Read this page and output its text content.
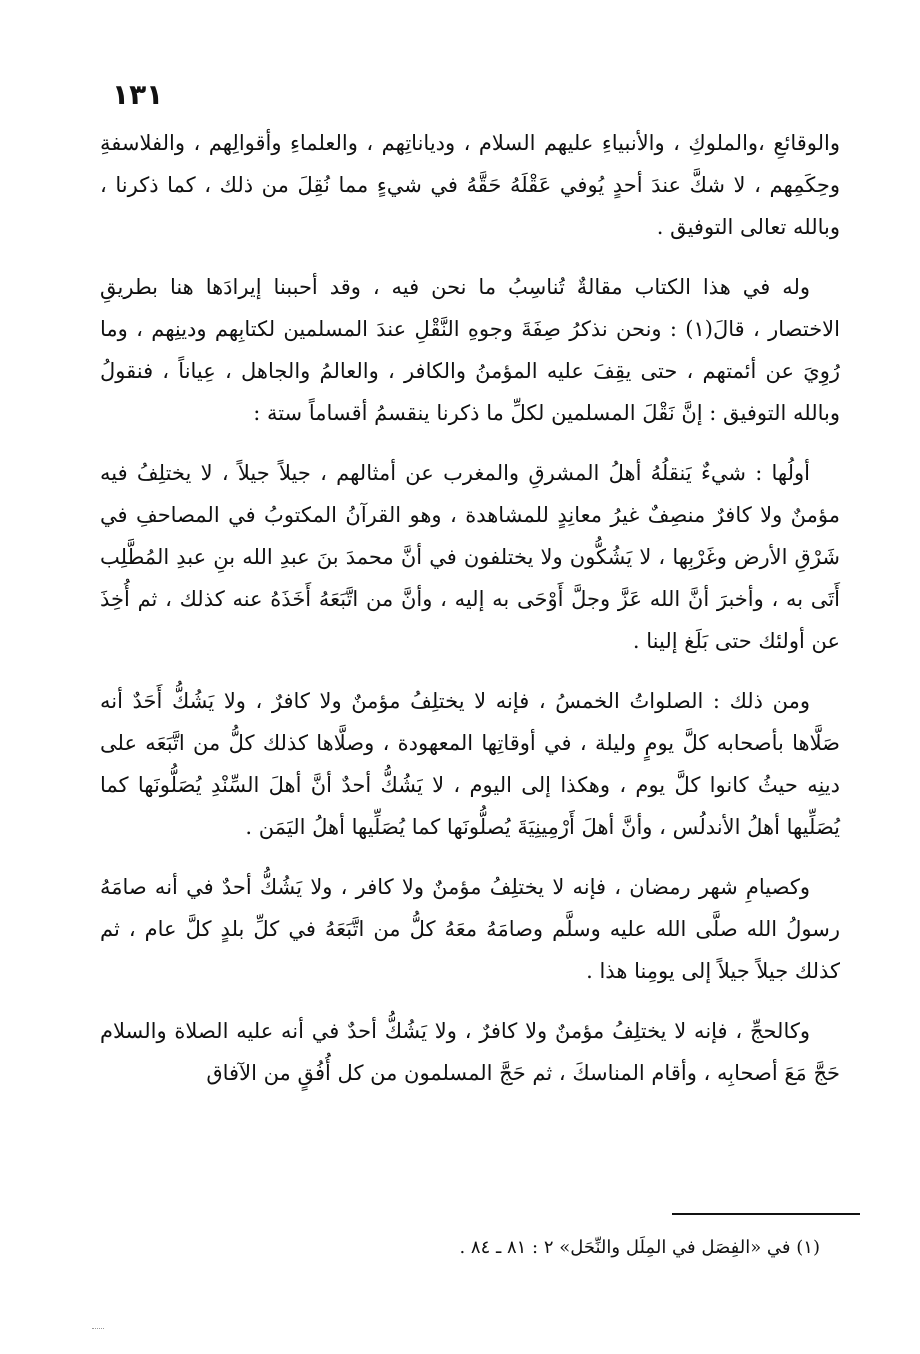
١٣١

والوقائعِ ،والملوكِ ، والأنبياءِ عليهم السلام ، ودياناتِهم ، والعلماءِ وأقوالِهم ، والفلاسفةِ وحِكَمِهم ، لا شكَّ عندَ أحدٍ يُوفي عَقْلَهُ حَقَّهُ في شيءٍ مما نُقِلَ من ذلك ، كما ذكرنا ، وبالله تعالى التوفيق .

وله في هذا الكتاب مقالةٌ تُناسِبُ ما نحن فيه ، وقد أحببنا إيرادَها هنا بطريقِ الاختصار ، قالَ(١) : ونحن نذكرُ صِفَةَ وجوهِ النَّقْلِ عندَ المسلمين لكتابِهم ودينِهم ، وما رُوِيَ عن أئمتهم ، حتى يقِفَ عليه المؤمنُ والكافر ، والعالمُ والجاهل ، عِياناً ، فنقولُ وبالله التوفيق : إنَّ نَقْلَ المسلمين لكلِّ ما ذكرنا ينقسمُ أقساماً ستة :

أولُها : شيءٌ يَنقلُهُ أهلُ المشرقِ والمغرب عن أمثالهم ، جيلاً جيلاً ، لا يختلِفُ فيه مؤمنٌ ولا كافرٌ منصِفٌ غيرُ معانِدٍ للمشاهدة ، وهو القرآنُ المكتوبُ في المصاحفِ في شَرْقِ الأرض وغَرْبِها ، لا يَشُكُّون ولا يختلفون في أنَّ محمدَ بنَ عبدِ الله بنِ عبدِ المُطَّلِب أَتَى به ، وأخبرَ أنَّ الله عَزَّ وجلَّ أَوْحَى به إليه ، وأنَّ من اتَّبَعَهُ أَخَذَهُ عنه كذلك ، ثم أُخِذَ عن أولئك حتى بَلَغ إلينا .

ومن ذلك : الصلواتُ الخمسُ ، فإنه لا يختلِفُ مؤمنٌ ولا كافرٌ ، ولا يَشُكُّ أَحَدٌ أنه صَلَّاها بأصحابه كلَّ يومٍ وليلة ، في أوقاتِها المعهودة ، وصلَّاها كذلك كلُّ من اتَّبَعَه على دينِه حيثُ كانوا كلَّ يوم ، وهكذا إلى اليوم ، لا يَشُكُّ أحدٌ أنَّ أهلَ السِّنْدِ يُصَلُّونَها كما يُصَلِّيها أهلُ الأندلُس ، وأنَّ أهلَ أَرْمِينِيَةَ يُصلُّونَها كما يُصَلِّيها أهلُ اليَمَن .

وكصيامِ شهر رمضان ، فإنه لا يختلِفُ مؤمنٌ ولا كافر ، ولا يَشُكُّ أحدٌ في أنه صامَهُ رسولُ الله صلَّى الله عليه وسلَّم وصامَهُ معَهُ كلُّ من اتَّبَعَهُ في كلِّ بلدٍ كلَّ عام ، ثم كذلك جيلاً جيلاً إلى يومِنا هذا .

وكالحجِّ ، فإنه لا يختلِفُ مؤمنٌ ولا كافرٌ ، ولا يَشُكُّ أحدٌ في أنه عليه الصلاة والسلام حَجَّ مَعَ أصحابِه ، وأقام المناسكَ ، ثم حَجَّ المسلمون من كل أُفُقٍ من الآفاق

(١) في «الفِصَل في المِلَل والنِّحَل» ٢ : ٨١ ـ ٨٤ .
